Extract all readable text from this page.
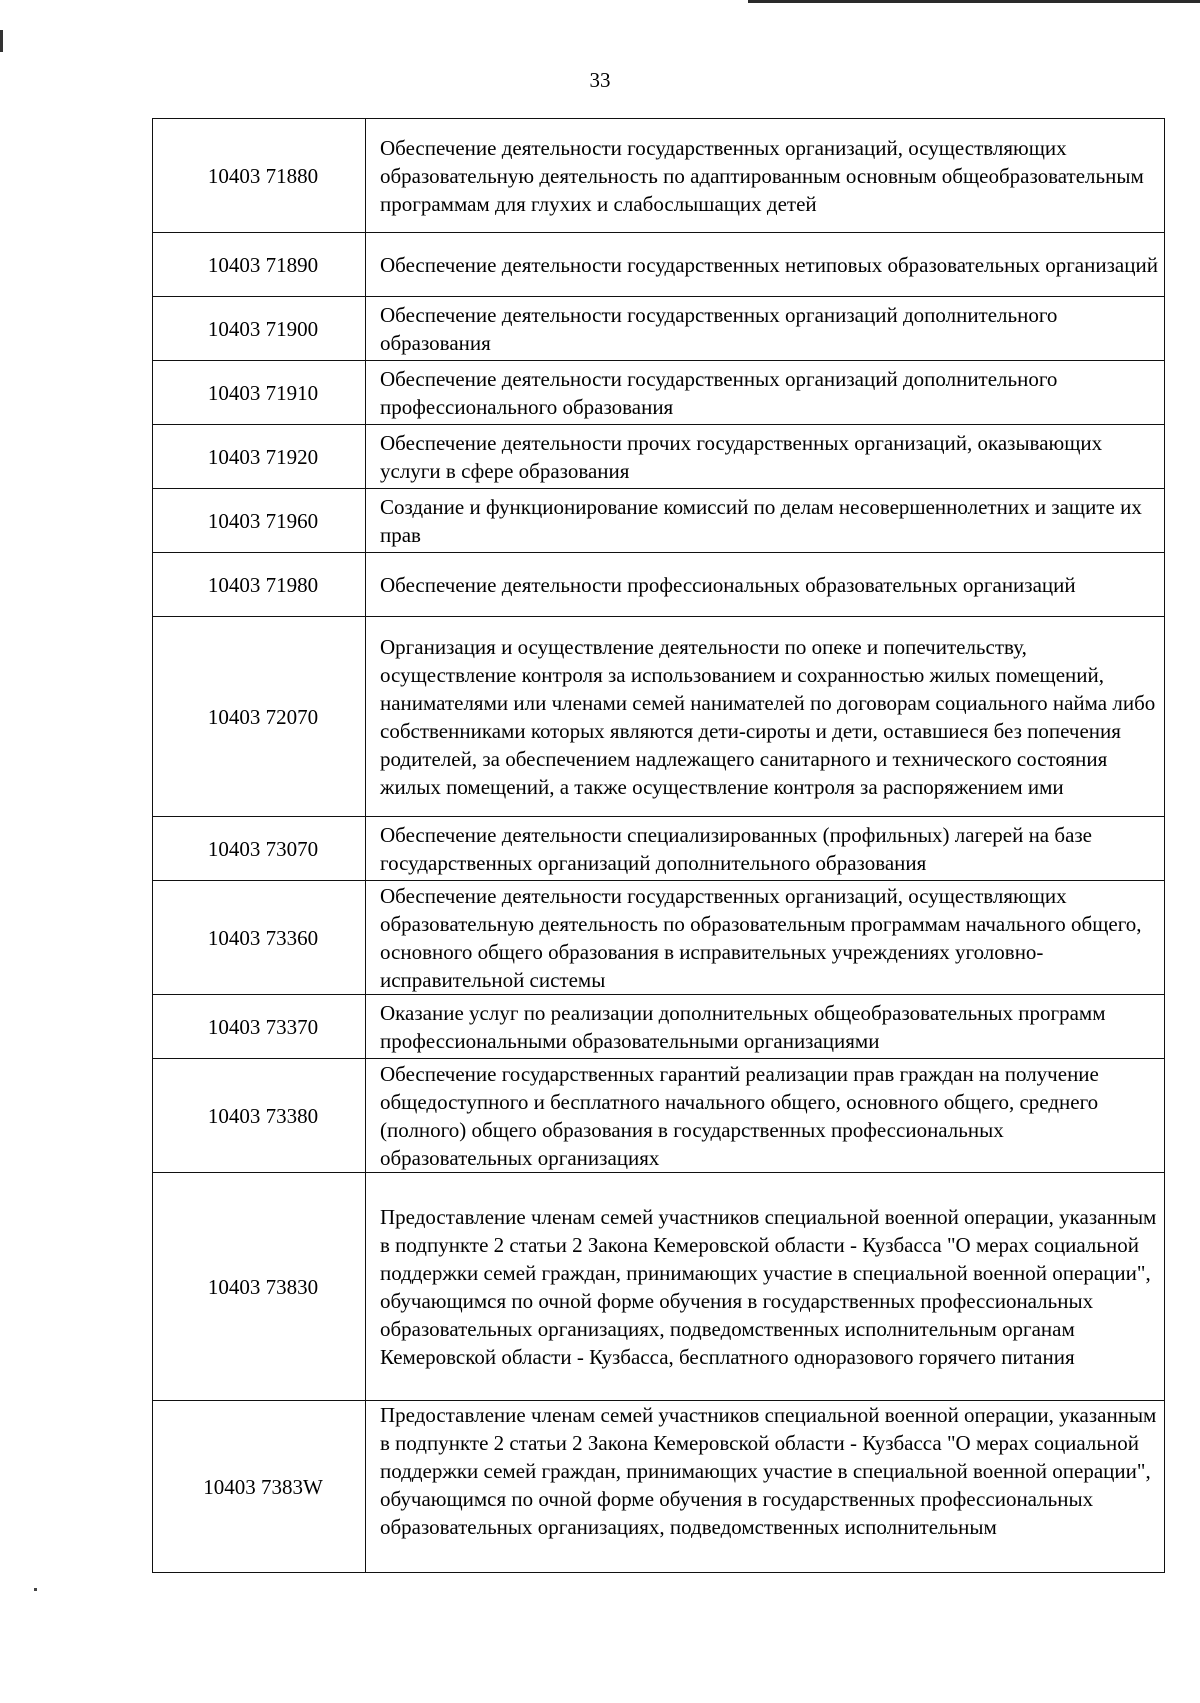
33
10403 71880	Обеспечение деятельности государственных организаций, осуществляющих образовательную деятельность по адаптированным основным общеобразовательным программам для глухих и слабослышащих детей
10403 71890	Обеспечение деятельности государственных нетиповых образовательных организаций
10403 71900	Обеспечение деятельности государственных организаций дополнительного образования
10403 71910	Обеспечение деятельности государственных организаций дополнительного профессионального образования
10403 71920	Обеспечение деятельности прочих государственных организаций, оказывающих услуги в сфере образования
10403 71960	Создание и функционирование комиссий по делам несовершеннолетних и защите их прав
10403 71980	Обеспечение деятельности профессиональных образовательных организаций
10403 72070	Организация и осуществление деятельности по опеке и попечительству, осуществление контроля за использованием и сохранностью жилых помещений, нанимателями или членами семей нанимателей по договорам социального найма либо собственниками которых являются дети-сироты и дети, оставшиеся без попечения родителей, за обеспечением надлежащего санитарного и технического состояния жилых помещений, а также осуществление контроля за распоряжением ими
10403 73070	Обеспечение деятельности специализированных (профильных) лагерей на базе государственных организаций дополнительного образования
10403 73360	Обеспечение деятельности государственных организаций, осуществляющих образовательную деятельность по образовательным программам начального общего, основного общего образования в исправительных учреждениях уголовно-исправительной системы
10403 73370	Оказание услуг по реализации дополнительных общеобразовательных программ профессиональными образовательными организациями
10403 73380	Обеспечение государственных гарантий реализации прав граждан на получение общедоступного и бесплатного начального общего, основного общего, среднего (полного) общего образования в государственных профессиональных образовательных организациях
10403 73830	Предоставление членам семей участников специальной военной операции, указанным в подпункте 2 статьи 2 Закона Кемеровской области - Кузбасса "О мерах социальной поддержки семей граждан, принимающих участие в специальной военной операции", обучающимся по очной форме обучения в государственных профессиональных образовательных организациях, подведомственных исполнительным органам Кемеровской области - Кузбасса, бесплатного одноразового горячего питания
10403 7383W	Предоставление членам семей участников специальной военной операции, указанным в подпункте 2 статьи 2 Закона Кемеровской области - Кузбасса "О мерах социальной поддержки семей граждан, принимающих участие в специальной военной операции", обучающимся по очной форме обучения в государственных профессиональных образовательных организациях, подведомственных исполнительным
